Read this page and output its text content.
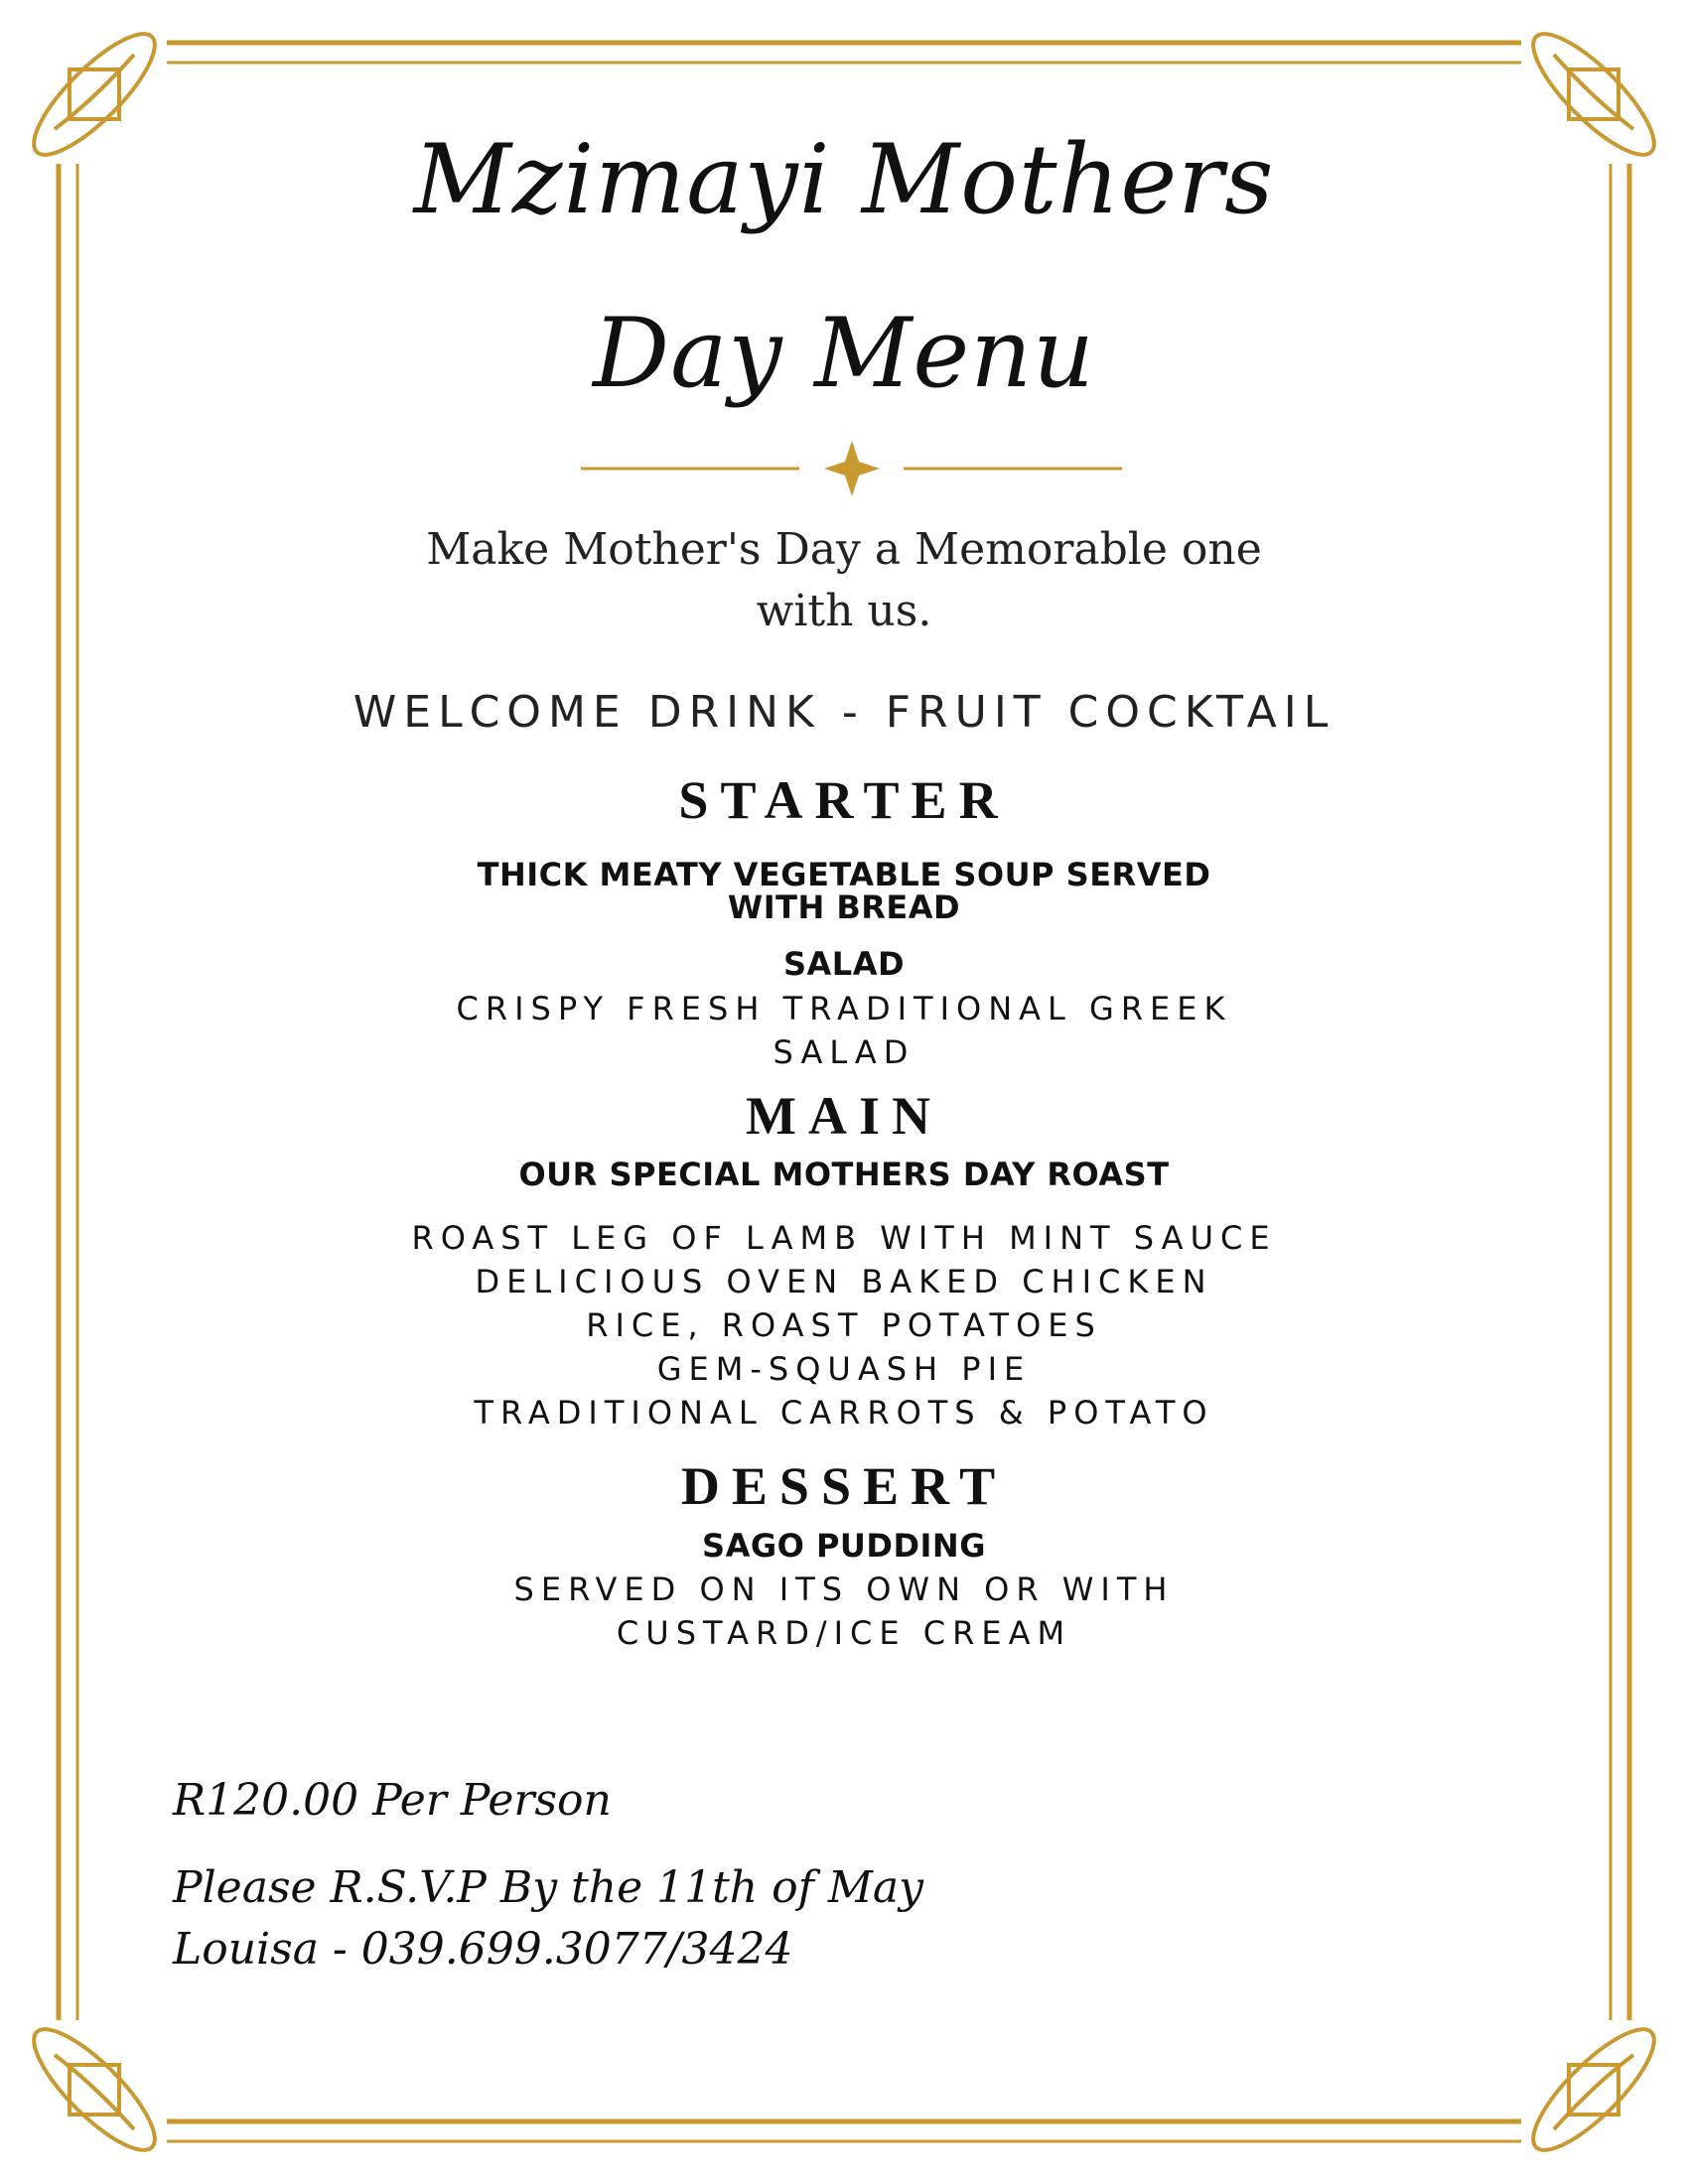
Mzimayi Mothers
Day Menu
Make Mother's Day a Memorable one
with us.
WELCOME DRINK - FRUIT COCKTAIL
STARTER
THICK MEATY VEGETABLE SOUP SERVED
WITH BREAD
SALAD
CRISPY FRESH TRADITIONAL GREEK
SALAD
MAIN
OUR SPECIAL MOTHERS DAY ROAST
ROAST LEG OF LAMB WITH MINT SAUCE
DELICIOUS OVEN BAKED CHICKEN
RICE, ROAST POTATOES
GEM-SQUASH PIE
TRADITIONAL CARROTS & POTATO
DESSERT
SAGO PUDDING
SERVED ON ITS OWN OR WITH
CUSTARD/ICE CREAM
R120.00 Per Person
Please R.S.V.P By the 11th of May
Louisa - 039.699.3077/3424
